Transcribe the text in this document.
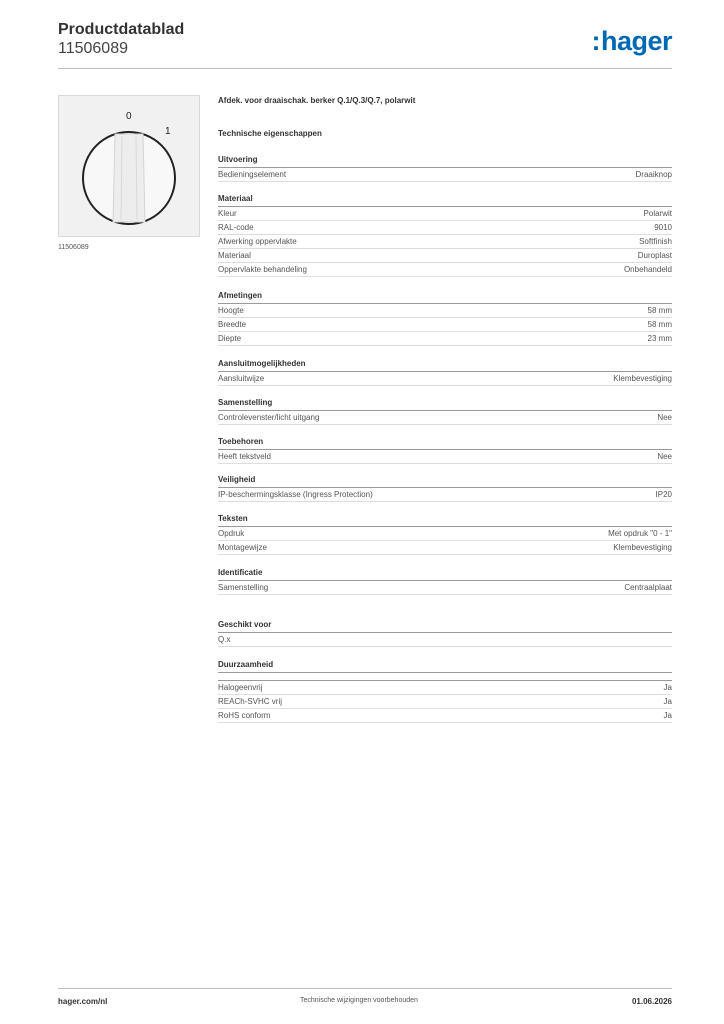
Productdatablad
11506089	:hager
0
1
11506089
Afdek. voor draaischak. berker Q.1/Q.3/Q.7, polarwit
Technische eigenschappen
Uitvoering
Bedieningselement	Draaiknop
Materiaal
Kleur	Polarwit
RAL-code	9010
Afwerking oppervlakte	Softfinish
Materiaal	Duroplast
Oppervlakte behandeling	Onbehandeld
Afmetingen
Hoogte	58 mm
Breedte	58 mm
Diepte	23 mm
Aansluitmogelijkheden
Aansluitwijze	Klembevestiging
Samenstelling
Controlevenster/licht uitgang	Nee
Toebehoren
Heeft tekstveld	Nee
Veiligheid
IP-beschermingsklasse (Ingress Protection)	IP20
Teksten
Opdruk	Met opdruk "0 - 1"
Montagewijze	Klembevestiging
Identificatie
Samenstelling	Centraalplaat
Geschikt voor
Q.x
Duurzaamheid
Halogeenvrij	Ja
REACh-SVHC vrij	Ja
RoHS conform	Ja
hager.com/nl	Technische wijzigingen voorbehouden	01.06.2026
